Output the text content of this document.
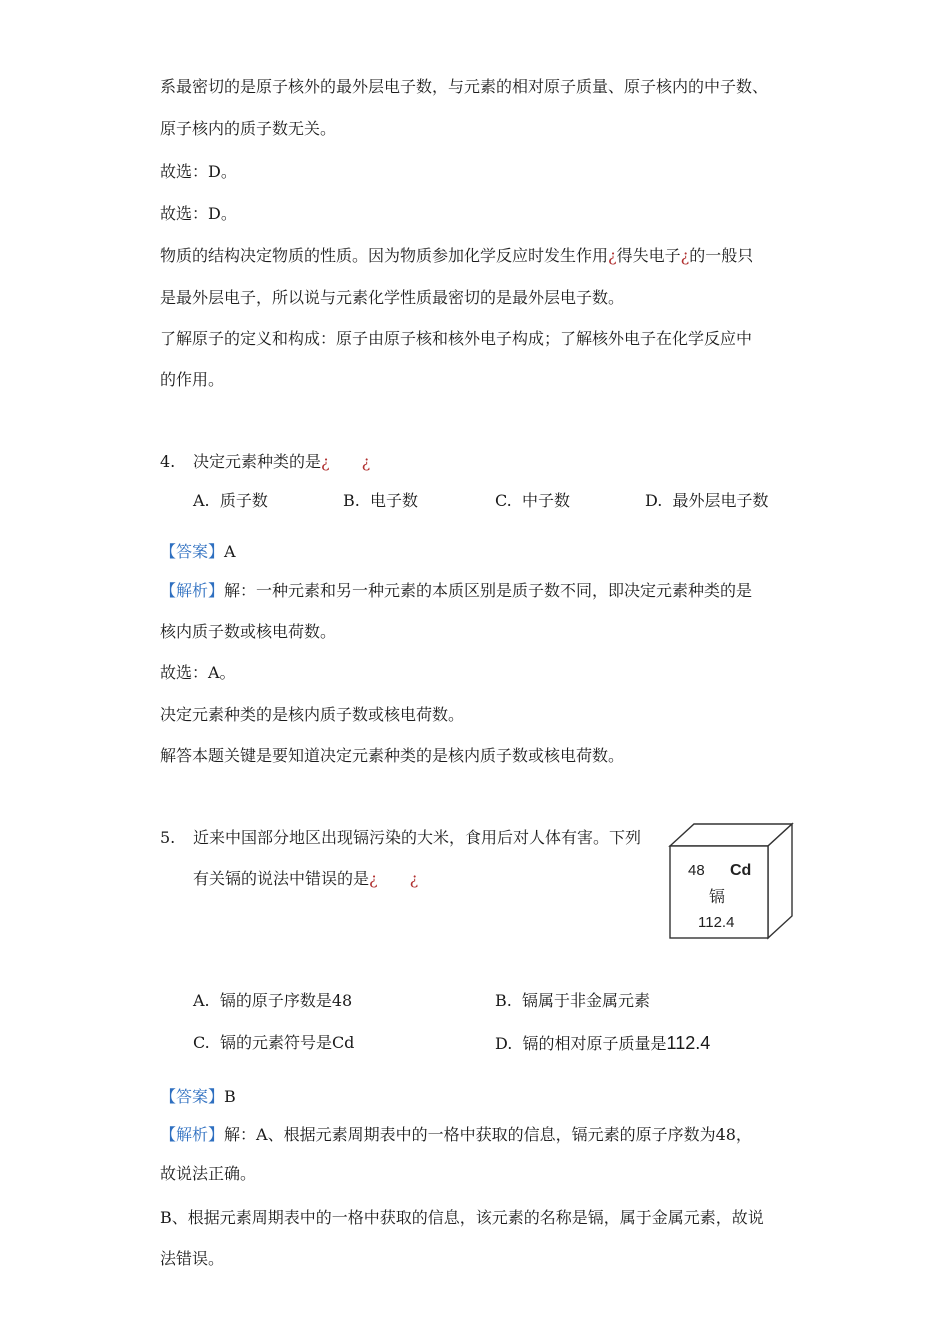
系最密切的是原子核外的最外层电子数，与元素的相对原子质量、原子核内的中子数、
原子核内的质子数无关。
故选：D。
故选：D。
物质的结构决定物质的性质。因为物质参加化学反应时发生作用¿得失电子¿的一般只
是最外层电子，所以说与元素化学性质最密切的是最外层电子数。
了解原子的定义和构成：原子由原子核和核外电子构成；了解核外电子在化学反应中
的作用。
4. 决定元素种类的是¿ ¿
A. 质子数	B. 电子数	C. 中子数	D. 最外层电子数
【答案】A
【解析】解：一种元素和另一种元素的本质区别是质子数不同，即决定元素种类的是
核内质子数或核电荷数。
故选：A。
决定元素种类的是核内质子数或核电荷数。
解答本题关键是要知道决定元素种类的是核内质子数或核电荷数。
5. 近来中国部分地区出现镉污染的大米，食用后对人体有害。下列
有关镉的说法中错误的是¿ ¿	48 Cd
镉
112.4
A. 镉的原子序数是48	B. 镉属于非金属元素
C. 镉的元素符号是Cd	D. 镉的相对原子质量是112.4
【答案】B
【解析】解：A、根据元素周期表中的一格中获取的信息，镉元素的原子序数为48，
故说法正确。
B、根据元素周期表中的一格中获取的信息，该元素的名称是镉，属于金属元素，故说
法错误。
